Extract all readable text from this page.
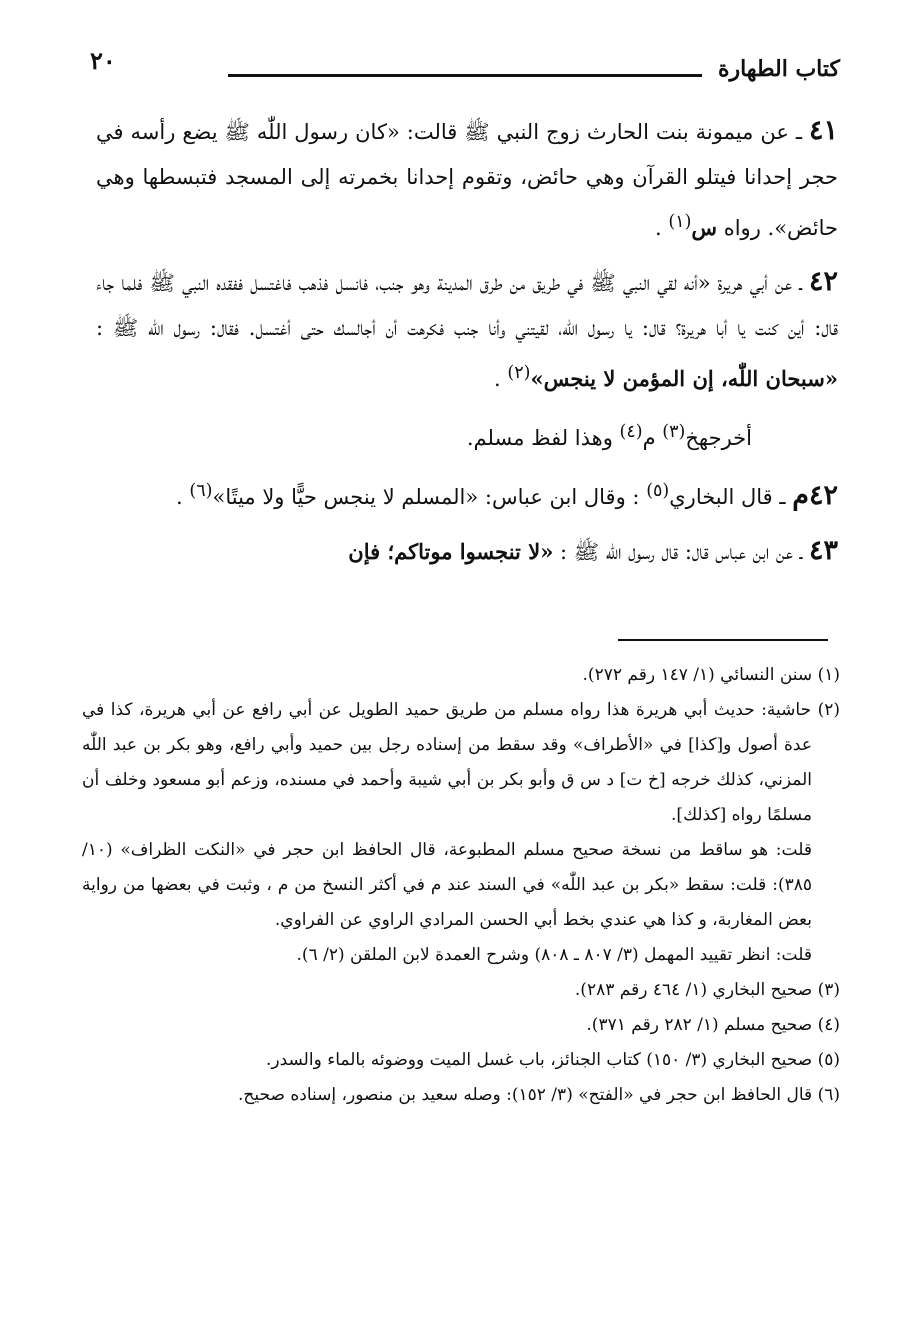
٢٠	كتاب الطهارة

٤١ ـ عن ميمونة بنت الحارث زوج النبي ﷺ قالت: «كان رسول اللّٰه ﷺ يضع رأسه في حجر إحدانا فيتلو القرآن وهي حائض، وتقوم إحدانا بخمرته إلى المسجد فتبسطها وهي حائض». رواه س$^{(١)}$ .

٤٢ ـ عن أبي هريرة «أنه لقي النبي ﷺ في طريق من طرق المدينة وهو جنب، فانسل فذهب فاغتسل ففقده النبي ﷺ فلما جاء قال: أين كنت يا أبا هريرة؟ قال: يا رسول اللّٰه، لقيتني وأنا جنب فكرهت أن أجالسك حتى أغتسل. فقال: رسول اللّٰه ﷺ : «سبحان اللّٰه، إن المؤمن لا ينجس»$^{(٢)}$ .

أخرجهخ$^{(٣)}$ م$^{(٤)}$ وهذا لفظ مسلم.

٤٢م ـ قال البخاري$^{(٥)}$ : وقال ابن عباس: «المسلم لا ينجس حيًّا ولا ميتًا»$^{(٦)}$ .

٤٣ ـ عن ابن عباس قال: قال رسول اللّٰه ﷺ : «لا تنجسوا موتاكم؛ فإن

(١) سنن النسائي (١/ ١٤٧ رقم ٢٧٢).

(٢) حاشية: حديث أبي هريرة هذا رواه مسلم من طريق حميد الطويل عن أبي رافع عن أبي هريرة، كذا في عدة أصول و[كذا] في «الأطراف» وقد سقط من إسناده رجل بين حميد وأبي رافع، وهو بكر بن عبد اللّٰه المزني، كذلك خرجه [خ ت] د س ق وأبو بكر بن أبي شيبة وأحمد في مسنده، وزعم أبو مسعود وخلف أن مسلمًا رواه [كذلك].

قلت: هو ساقط من نسخة صحيح مسلم المطبوعة، قال الحافظ ابن حجر في «النكت الظراف» (١٠/ ٣٨٥): قلت: سقط «بكر بن عبد اللّٰه» في السند عند م في أكثر النسخ من م ، وثبت في بعضها من رواية بعض المغاربة، و كذا هي عندي بخط أبي الحسن المرادي الراوي عن الفراوي.

قلت: انظر تقييد المهمل (٣/ ٨٠٧ ـ ٨٠٨) وشرح العمدة لابن الملقن (٢/ ٦).

(٣) صحيح البخاري (١/ ٤٦٤ رقم ٢٨٣).

(٤) صحيح مسلم (١/ ٢٨٢ رقم ٣٧١).

(٥) صحيح البخاري (٣/ ١٥٠) كتاب الجنائز، باب غسل الميت ووضوئه بالماء والسدر.

(٦) قال الحافظ ابن حجر في «الفتح» (٣/ ١٥٢): وصله سعيد بن منصور، إسناده صحيح.
